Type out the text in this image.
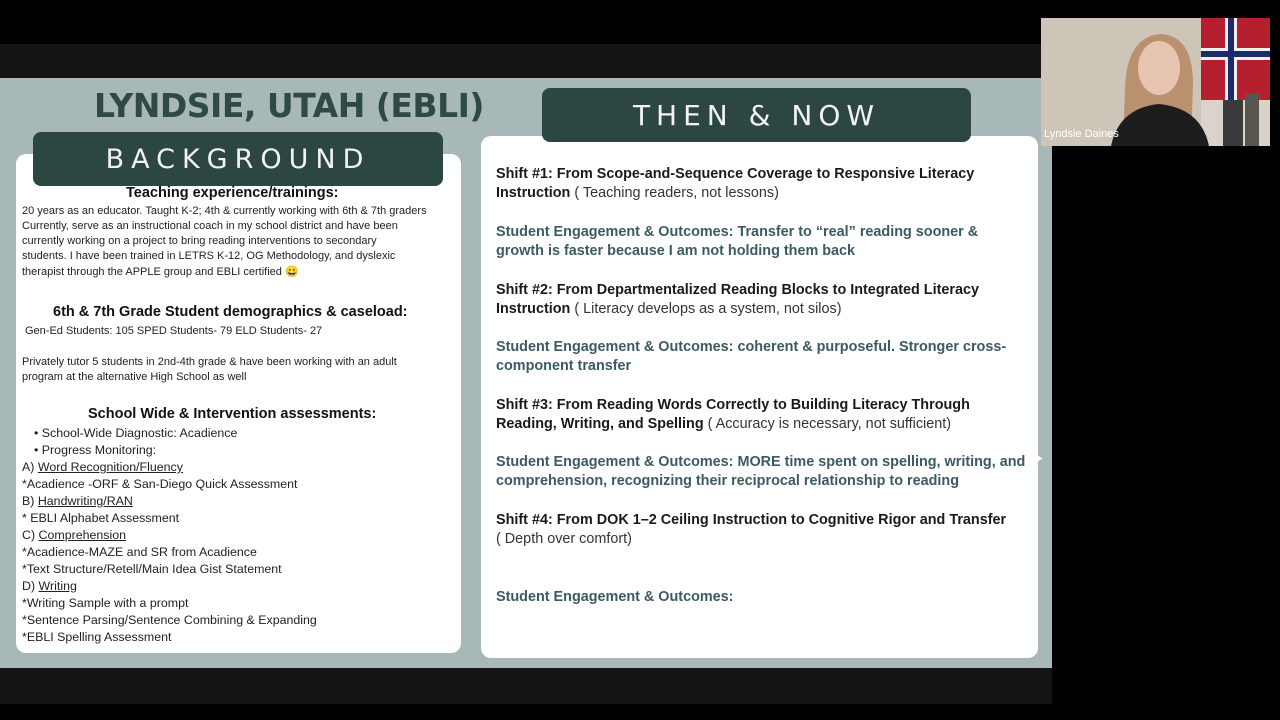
LYNDSIE, UTAH (EBLI)
BACKGROUND
THEN & NOW
Teaching experience/trainings:
20 years as an educator. Taught K-2; 4th & currently working with 6th & 7th graders
Currently, serve as an instructional coach in my school district and have been
currently working on a project to bring reading interventions to secondary
students. I have been trained in LETRS K-12, OG Methodology, and dyslexic
therapist through the APPLE group and EBLI certified 😀
6th & 7th Grade Student demographics & caseload:
Gen-Ed Students: 105 SPED Students- 79 ELD Students- 27
Privately tutor 5 students in 2nd-4th grade & have been working with an adult
program at the alternative High School as well
School Wide & Intervention assessments:
• School-Wide Diagnostic: Acadience
• Progress Monitoring:
A) Word Recognition/Fluency
*Acadience -ORF & San-Diego Quick Assessment
B) Handwriting/RAN
* EBLI Alphabet Assessment
C) Comprehension
*Acadience-MAZE and SR from Acadience
*Text Structure/Retell/Main Idea Gist Statement
D) Writing
*Writing Sample with a prompt
*Sentence Parsing/Sentence Combining & Expanding
*EBLI Spelling Assessment
Shift #1: From Scope-and-Sequence Coverage to Responsive Literacy Instruction ( Teaching readers, not lessons)
Student Engagement & Outcomes: Transfer to “real” reading sooner & growth is faster because I am not holding them back
Shift #2: From Departmentalized Reading Blocks to Integrated Literacy Instruction ( Literacy develops as a system, not silos)
Student Engagement & Outcomes: coherent & purposeful. Stronger cross-component transfer
Shift #3: From Reading Words Correctly to Building Literacy Through Reading, Writing, and Spelling ( Accuracy is necessary, not sufficient)
Student Engagement & Outcomes: MORE time spent on spelling, writing, and comprehension, recognizing their reciprocal relationship to reading
Shift #4: From DOK 1–2 Ceiling Instruction to Cognitive Rigor and Transfer
( Depth over comfort)
Student Engagement & Outcomes:
Lyndsie Daines
